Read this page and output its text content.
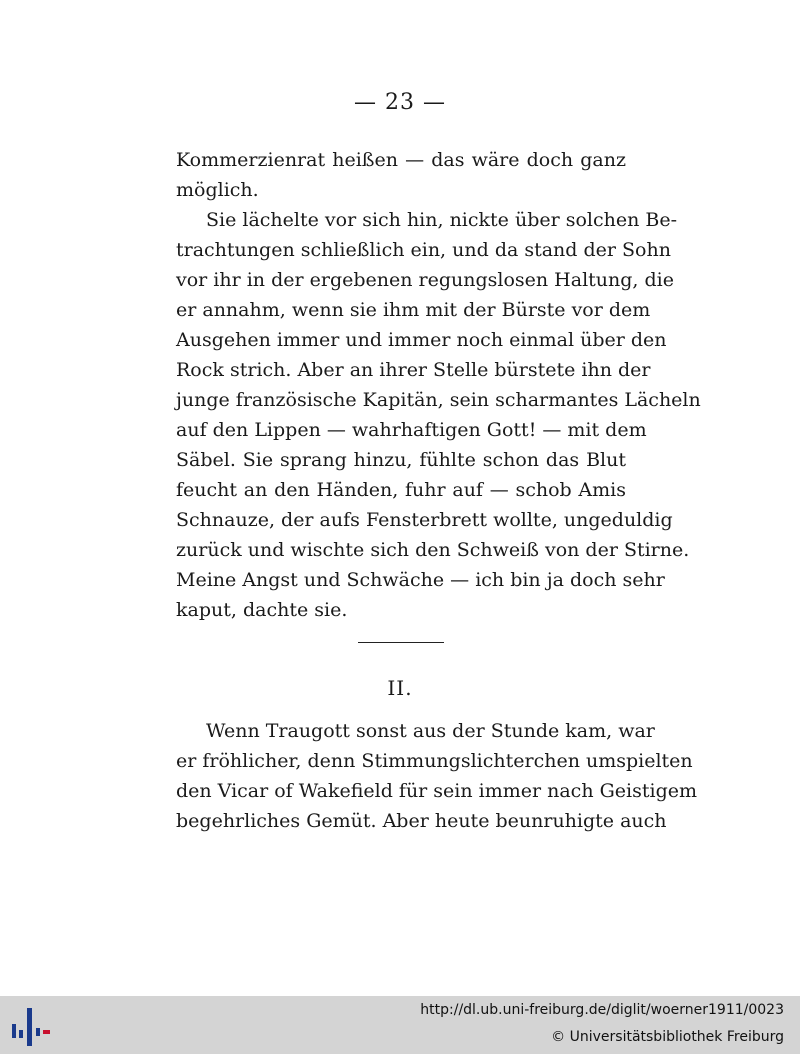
— 23 —
Kommerzienrat heißen — das wäre doch ganz
möglich.
Sie lächelte vor sich hin, nickte über solchen Be-
trachtungen schließlich ein, und da stand der Sohn
vor ihr in der ergebenen regungslosen Haltung, die
er annahm, wenn sie ihm mit der Bürste vor dem
Ausgehen immer und immer noch einmal über den
Rock strich. Aber an ihrer Stelle bürstete ihn der
junge französische Kapitän, sein scharmantes Lächeln
auf den Lippen — wahrhaftigen Gott! — mit dem
Säbel. Sie sprang hinzu, fühlte schon das Blut
feucht an den Händen, fuhr auf — schob Amis
Schnauze, der aufs Fensterbrett wollte, ungeduldig
zurück und wischte sich den Schweiß von der Stirne.
Meine Angst und Schwäche — ich bin ja doch sehr
kaput, dachte sie.
II.
Wenn Traugott sonst aus der Stunde kam, war
er fröhlicher, denn Stimmungslichterchen umspielten
den Vicar of Wakefield für sein immer nach Geistigem
begehrliches Gemüt. Aber heute beunruhigte auch
http://dl.ub.uni-freiburg.de/diglit/woerner1911/0023
© Universitätsbibliothek Freiburg
